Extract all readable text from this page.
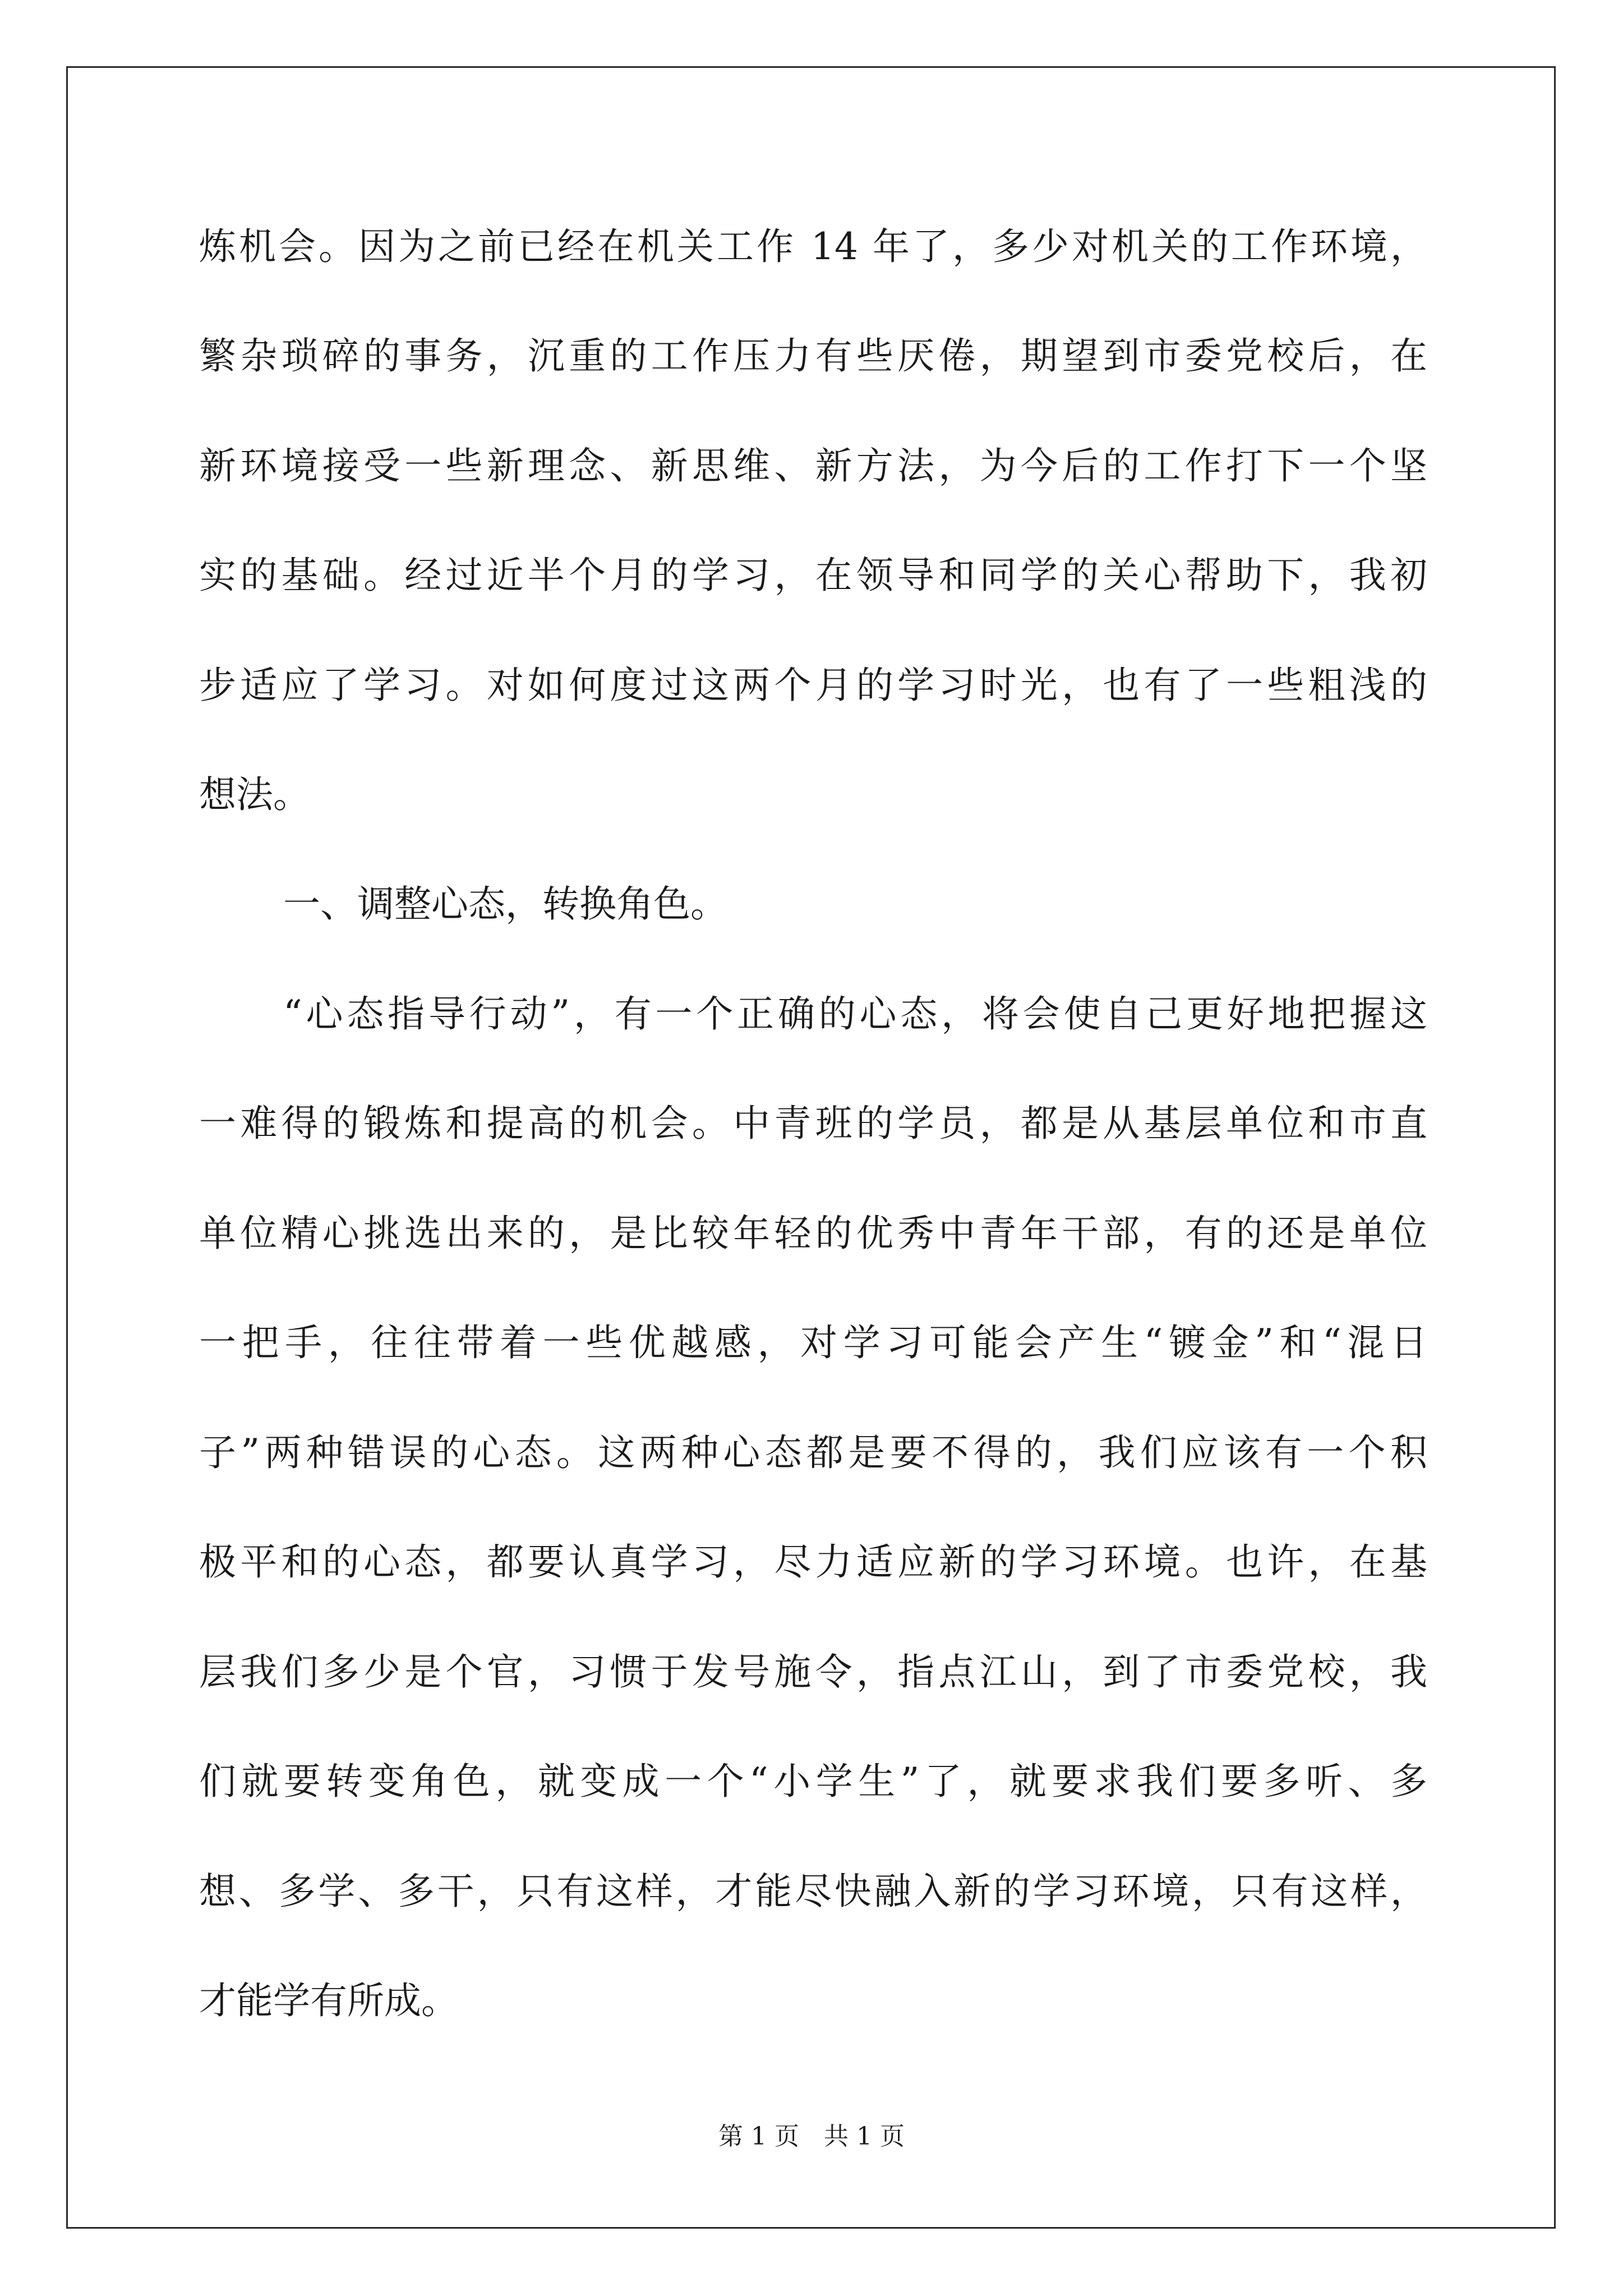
炼机会。因为之前已经在机关工作 14 年了，多少对机关的工作环境，
繁杂琐碎的事务，沉重的工作压力有些厌倦，期望到市委党校后，在
新环境接受一些新理念、新思维、新方法，为今后的工作打下一个坚
实的基础。经过近半个月的学习，在领导和同学的关心帮助下，我初
步适应了学习。对如何度过这两个月的学习时光，也有了一些粗浅的
想法。
一、调整心态，转换角色。
“心态指导行动”，有一个正确的心态，将会使自己更好地把握这
一难得的锻炼和提高的机会。中青班的学员，都是从基层单位和市直
单位精心挑选出来的，是比较年轻的优秀中青年干部，有的还是单位
一把手，往往带着一些优越感，对学习可能会产生“镀金”和“混日
子”两种错误的心态。这两种心态都是要不得的，我们应该有一个积
极平和的心态，都要认真学习，尽力适应新的学习环境。也许，在基
层我们多少是个官，习惯于发号施令，指点江山，到了市委党校，我
们就要转变角色，就变成一个“小学生”了，就要求我们要多听、多
想、多学、多干，只有这样，才能尽快融入新的学习环境，只有这样，
才能学有所成。
第 1 页　共 1 页
